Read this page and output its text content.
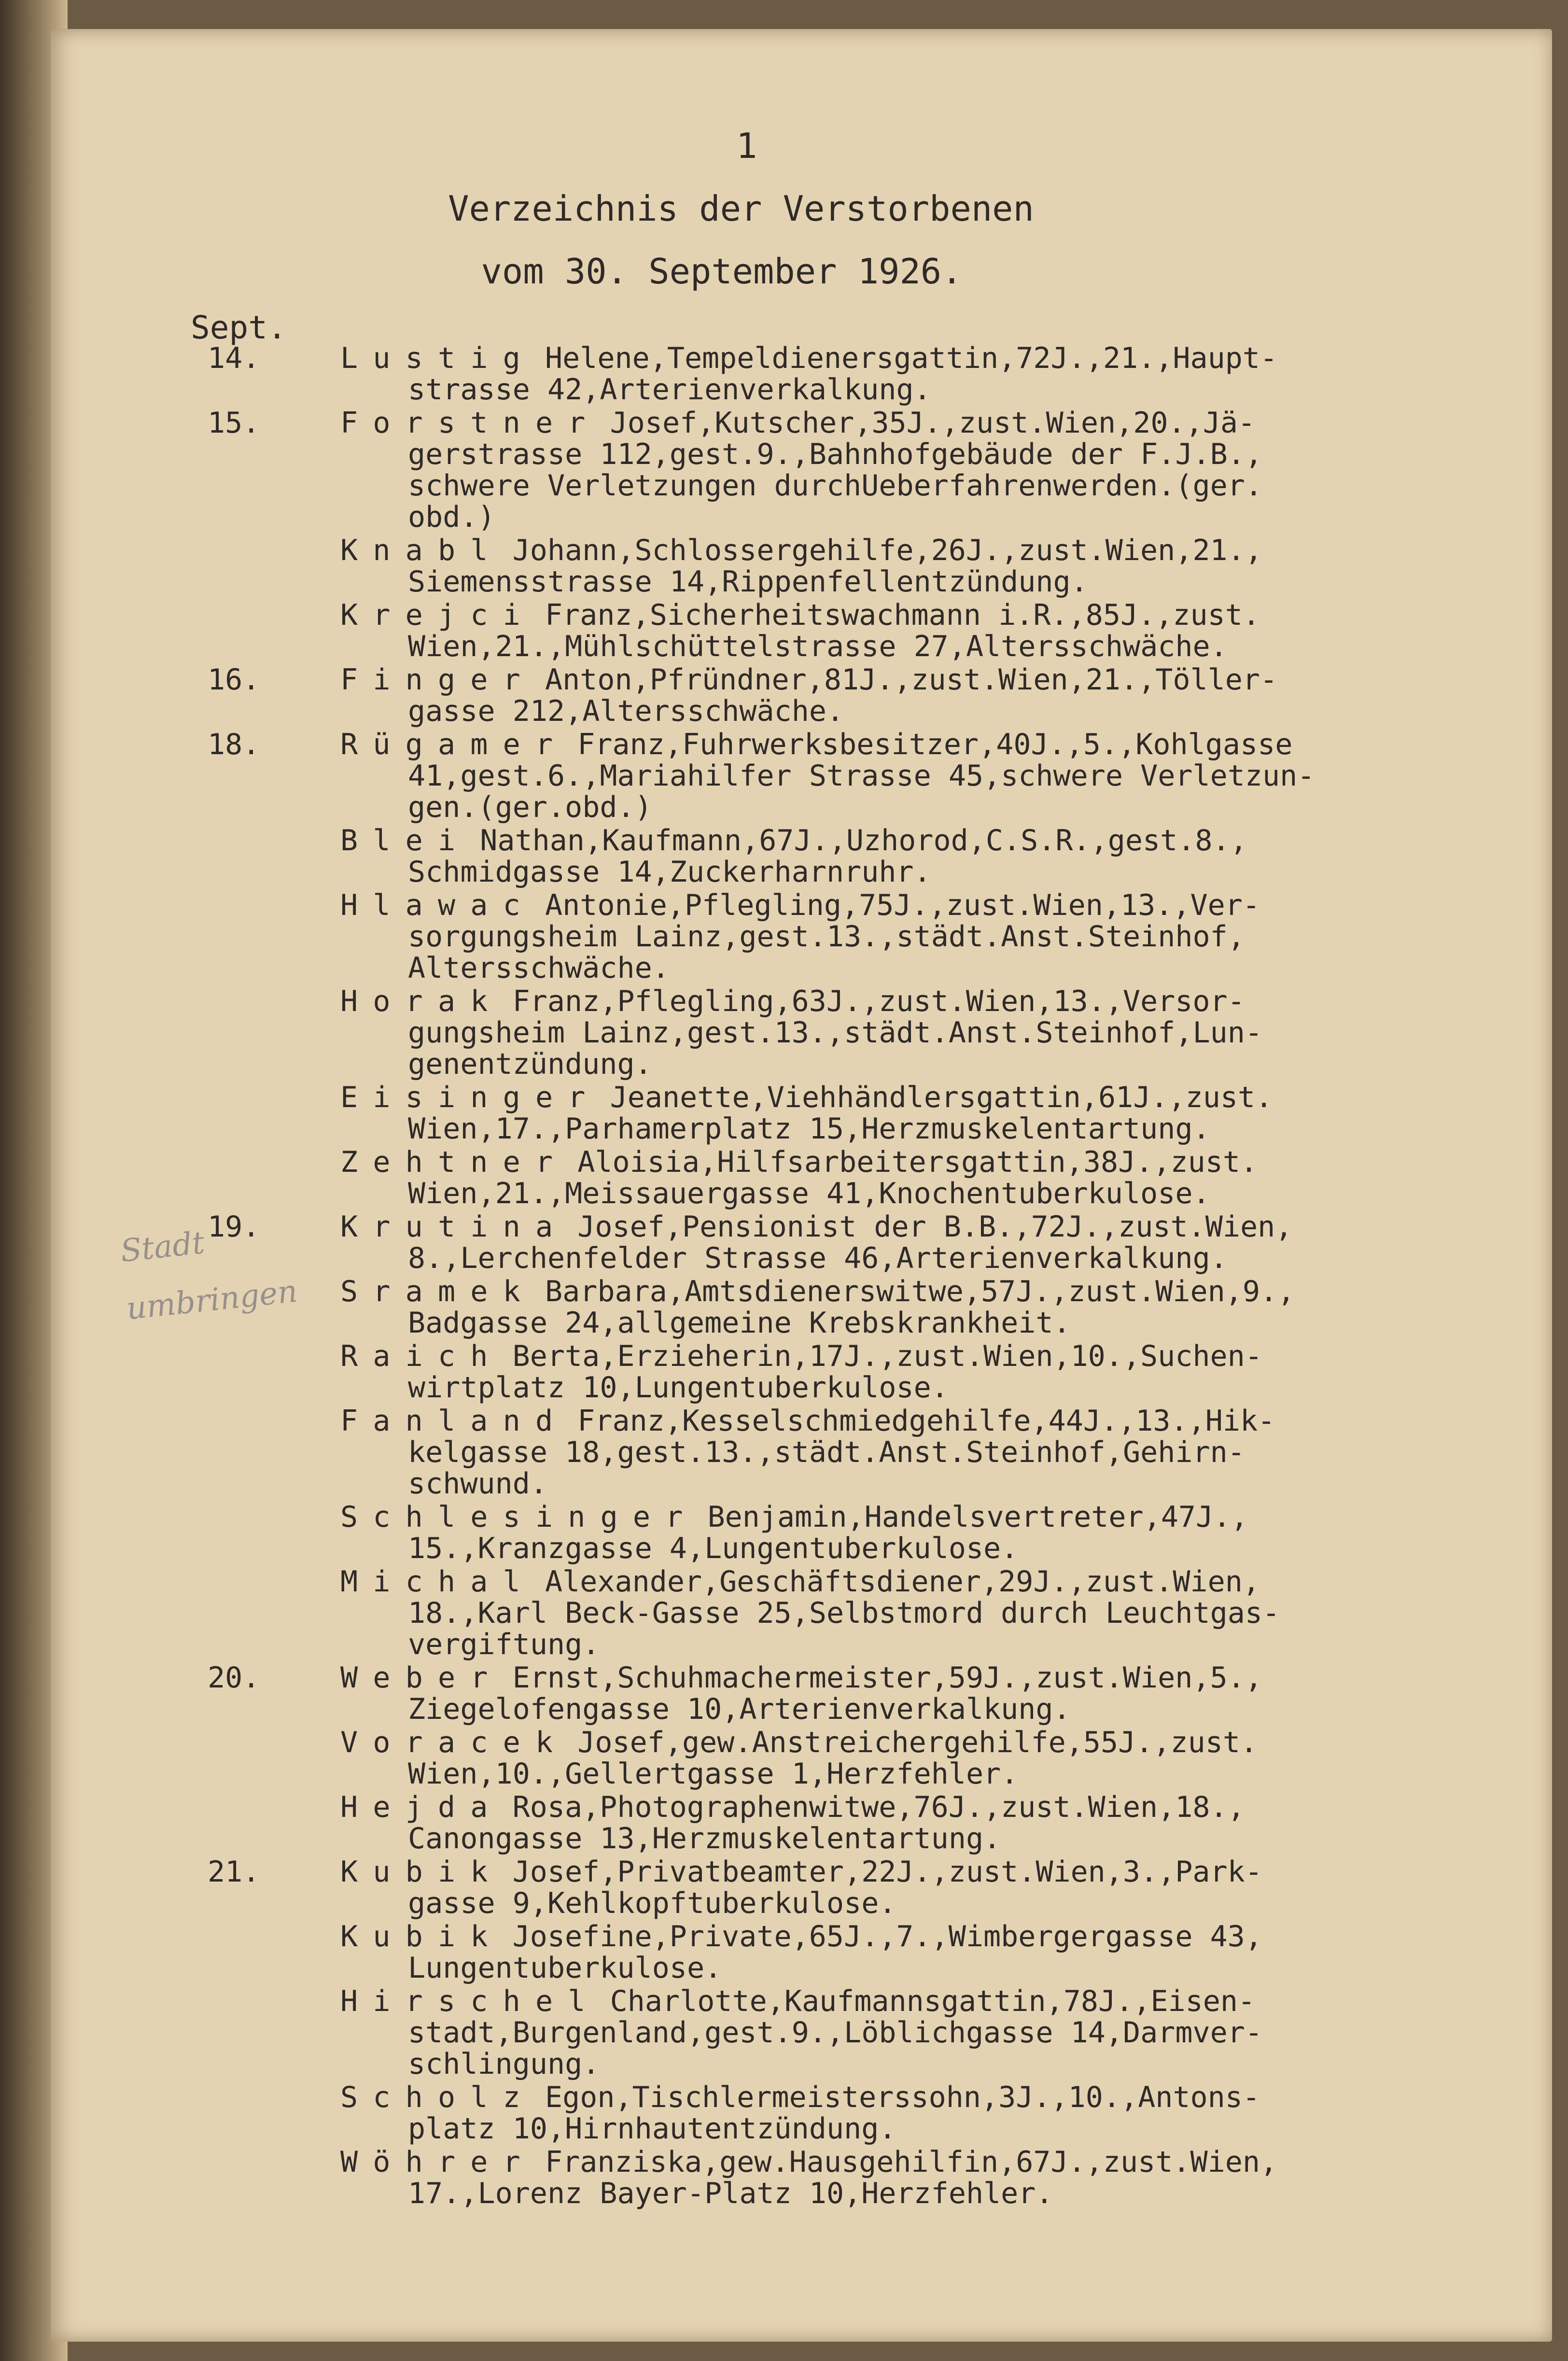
1
Verzeichnis der Verstorbenen
vom 30. September 1926.
Sept.
Stadt
umbringen
14.	Lustig Helene,Tempeldienersgattin,72J.,21.,Haupt-
strasse 42,Arterienverkalkung.
15.	Forstner Josef,Kutscher,35J.,zust.Wien,20.,Jä-
gerstrasse 112,gest.9.,Bahnhofgebäude der F.J.B.,
schwere Verletzungen durchUeberfahrenwerden.(ger.
obd.)
Knabl Johann,Schlossergehilfe,26J.,zust.Wien,21.,
Siemensstrasse 14,Rippenfellentzündung.
Krejci Franz,Sicherheitswachmann i.R.,85J.,zust.
Wien,21.,Mühlschüttelstrasse 27,Altersschwäche.
16.	Finger Anton,Pfründner,81J.,zust.Wien,21.,Töller-
gasse 212,Altersschwäche.
18.	Rügamer Franz,Fuhrwerksbesitzer,40J.,5.,Kohlgasse
41,gest.6.,Mariahilfer Strasse 45,schwere Verletzun-
gen.(ger.obd.)
Blei Nathan,Kaufmann,67J.,Uzhorod,C.S.R.,gest.8.,
Schmidgasse 14,Zuckerharnruhr.
Hlawac Antonie,Pflegling,75J.,zust.Wien,13.,Ver-
sorgungsheim Lainz,gest.13.,städt.Anst.Steinhof,
Altersschwäche.
Horak Franz,Pflegling,63J.,zust.Wien,13.,Versor-
gungsheim Lainz,gest.13.,städt.Anst.Steinhof,Lun-
genentzündung.
Eisinger Jeanette,Viehhändlersgattin,61J.,zust.
Wien,17.,Parhamerplatz 15,Herzmuskelentartung.
Zehtner Aloisia,Hilfsarbeitersgattin,38J.,zust.
Wien,21.,Meissauergasse 41,Knochentuberkulose.
19.	Krutina Josef,Pensionist der B.B.,72J.,zust.Wien,
8.,Lerchenfelder Strasse 46,Arterienverkalkung.
Sramek Barbara,Amtsdienerswitwe,57J.,zust.Wien,9.,
Badgasse 24,allgemeine Krebskrankheit.
Raich Berta,Erzieherin,17J.,zust.Wien,10.,Suchen-
wirtplatz 10,Lungentuberkulose.
Fanland Franz,Kesselschmiedgehilfe,44J.,13.,Hik-
kelgasse 18,gest.13.,städt.Anst.Steinhof,Gehirn-
schwund.
Schlesinger Benjamin,Handelsvertreter,47J.,
15.,Kranzgasse 4,Lungentuberkulose.
Michal Alexander,Geschäftsdiener,29J.,zust.Wien,
18.,Karl Beck-Gasse 25,Selbstmord durch Leuchtgas-
vergiftung.
20.	Weber Ernst,Schuhmachermeister,59J.,zust.Wien,5.,
Ziegelofengasse 10,Arterienverkalkung.
Voracek Josef,gew.Anstreichergehilfe,55J.,zust.
Wien,10.,Gellertgasse 1,Herzfehler.
Hejda Rosa,Photographenwitwe,76J.,zust.Wien,18.,
Canongasse 13,Herzmuskelentartung.
21.	Kubik Josef,Privatbeamter,22J.,zust.Wien,3.,Park-
gasse 9,Kehlkopftuberkulose.
Kubik Josefine,Private,65J.,7.,Wimbergergasse 43,
Lungentuberkulose.
Hirschel Charlotte,Kaufmannsgattin,78J.,Eisen-
stadt,Burgenland,gest.9.,Löblichgasse 14,Darmver-
schlingung.
Scholz Egon,Tischlermeisterssohn,3J.,10.,Antons-
platz 10,Hirnhautentzündung.
Wöhrer Franziska,gew.Hausgehilfin,67J.,zust.Wien,
17.,Lorenz Bayer-Platz 10,Herzfehler.
